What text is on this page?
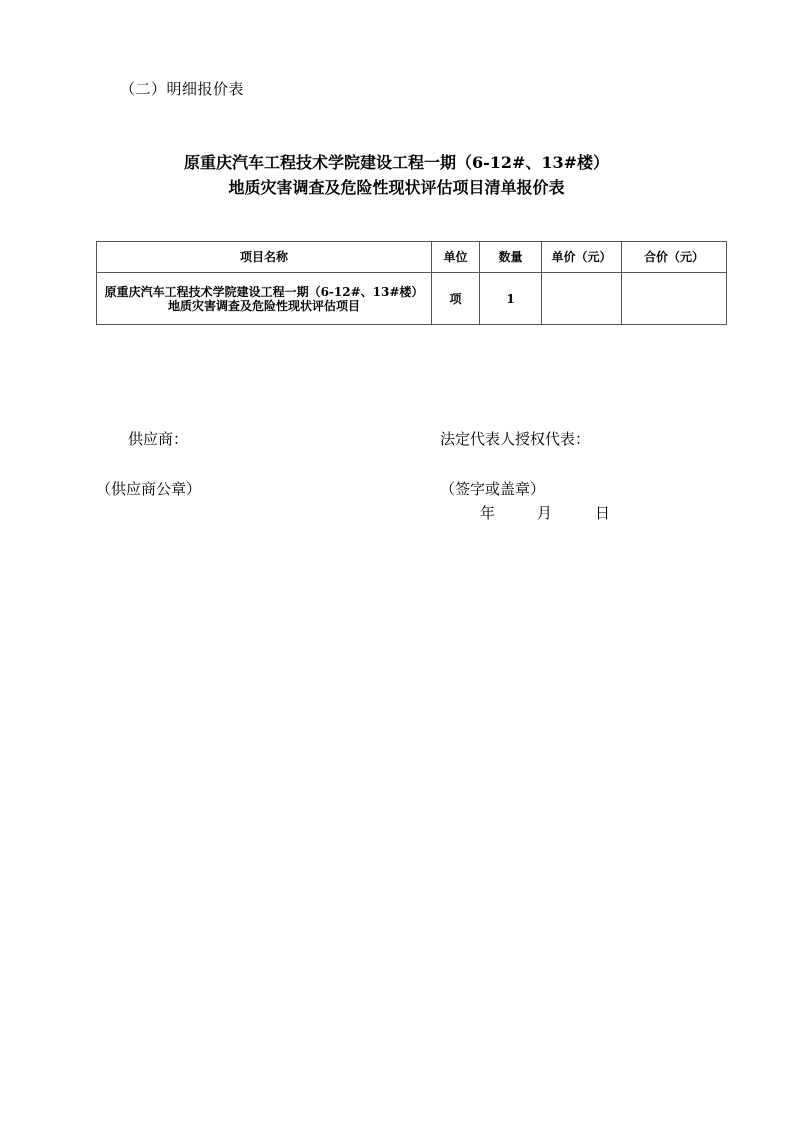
（二）明细报价表
原重庆汽车工程技术学院建设工程一期（6-12#、13#楼）
地质灾害调查及危险性现状评估项目清单报价表
项目名称	单位	数量	单价（元）	合价（元）

原重庆汽车工程技术学院建设工程一期（6-12#、13#楼）
地质灾害调查及危险性现状评估项目	项	1		
供应商：	法定代表人授权代表：
（供应商公章）	（签字或盖章）
年	月	日
